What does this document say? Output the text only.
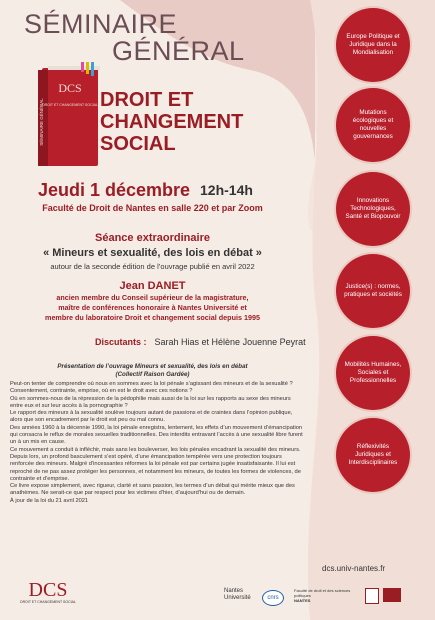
DCS
DROIT ET CHANGEMENT SOCIAL
SÉMINAIRE GÉNÉRAL
SÉMINAIRE
GÉNÉRAL
DROIT ET
CHANGEMENT
SOCIAL
Jeudi 1 décembre 12h-14h
Faculté de Droit de Nantes en salle 220 et par Zoom
Séance extraordinaire
« Mineurs et sexualité, des lois en débat »
autour de la seconde édition de l’ouvrage publié en avril 2022
Jean DANET
ancien membre du Conseil supérieur de la magistrature,
maître de conférences honoraire à Nantes Université et
membre du laboratoire Droit et changement social depuis 1995
Discutants : Sarah Hias et Hélène Jouenne Peyrat
Présentation de l’ouvrage Mineurs et sexualité, des lois en débat
(Collectif Raison Gardée)

Peut-on tenter de comprendre où nous en sommes avec la loi pénale s’agissant des mineurs et de la sexualité ? Consentement, contrainte, emprise, où en est le droit avec ces notions ?

Où en sommes-nous de la répression de la pédophilie mais aussi de la loi sur les rapports au sexe des mineurs entre eux et sur leur accès à la pornographie ?

Le rapport des mineurs à la sexualité soulève toujours autant de passions et de craintes dans l’opinion publique, alors que son encadrement par le droit est peu ou mal connu.

Des années 1960 à la décennie 1990, la loi pénale enregistra, lentement, les effets d’un mouvement d’émancipation qui consacra le reflux de morales sexuelles traditionnelles. Des interdits entravant l’accès à une sexualité libre furent un à un mis en cause.

Ce mouvement a conduit à infléchir, mais sans les bouleverser, les lois pénales encadrant la sexualité des mineurs.

Depuis lors, un profond basculement s’est opéré, d’une émancipation tempérée vers une protection toujours renforcée des mineurs. Malgré d’incessantes réformes la loi pénale est par certains jugée insatisfaisante. Il lui est reproché de ne pas assez protéger les personnes, et notamment les mineurs, de toutes les formes de violences, de contrainte et d’emprise.

Ce livre expose simplement, avec rigueur, clarté et sans passion, les termes d’un débat qui mérite mieux que des anathèmes. Ne serait-ce que par respect pour les victimes d’hier, d’aujourd’hui ou de demain.

À jour de la loi du 21 avril 2021

Europe Politique et Juridique dans la Mondialisation
Mutations écologiques et nouvelles gouvernances
Innovations Technologiques, Santé et Biopouvoir
Justice(s) : normes, pratiques et sociétés
Mobilités Humaines, Sociales et Professionnelles
Réflexivités Juridiques et Interdisciplinaires
dcs.univ-nantes.fr
DCS
DROIT ET CHANGEMENT SOCIAL
Nantes
Université	cnrs
Faculté de droit et des sciences politiques
NANTES
